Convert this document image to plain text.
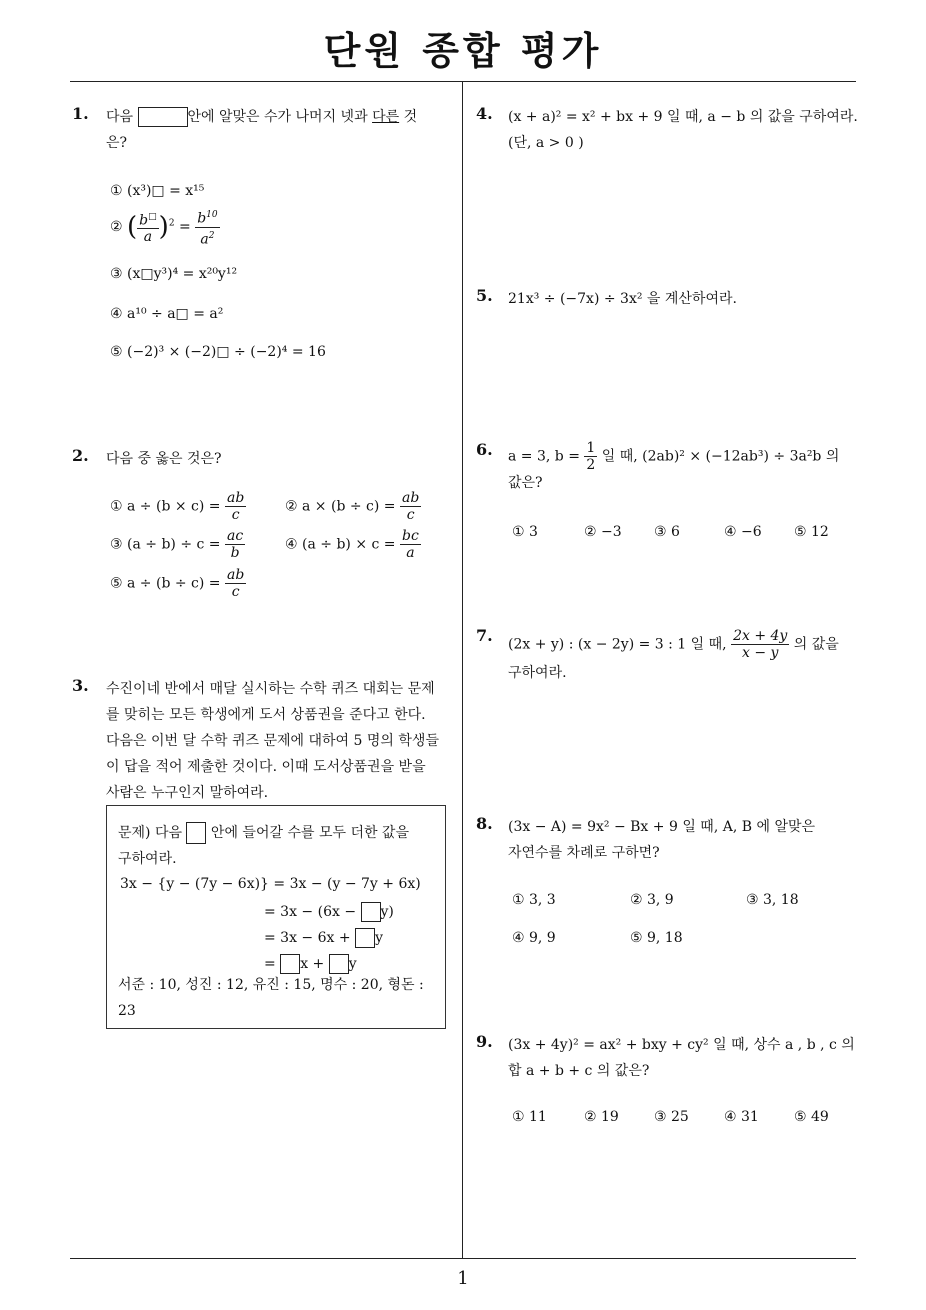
단원 종합 평가
1
1. 다음	안에 알맞은 수가 나머지 넷과 다른 것
은?
① (x³)□ = x¹⁵
② ( $\frac{b^□}{a} )^2 = \frac{b^{10}}{a^2}$
③ (x□y³)⁴ = x²⁰y¹²
④ a¹⁰ ÷ a□ = a²
⑤ (−2)³ × (−2)□ ÷ (−2)⁴ = 16
2. 다음 중 옳은 것은?
① $a \div (b \times c) = \frac{ab}{c}$	② $a \times (b \div c) = \frac{ab}{c}$
③ $(a \div b) \div c = \frac{ac}{b}$	④ $(a \div b) \times c = \frac{bc}{a}$
⑤ $a \div (b \div c) = \frac{ab}{c}$
3. 수진이네 반에서 매달 실시하는 수학 퀴즈 대회는 문제
를 맞히는 모든 학생에게 도서 상품권을 준다고 한다.
다음은 이번 달 수학 퀴즈 문제에 대하여 5 명의 학생들
이 답을 적어 제출한 것이다. 이때 도서상품권을 받을
사람은 누구인지 말하여라.
문제) 다음 안에 들어갈 수를 모두 더한 값을
구하여라.
3x − {y − (7y − 6x)} = 3x − (y − 7y + 6x)
= 3x − (6x − y)
= 3x − 6x + y
= x + y
서준 : 10, 성진 : 12, 유진 : 15, 명수 : 20, 형돈 :
23
4. (x + a)² = x² + bx + 9 일 때, a − b 의 값을 구하여라.
(단, a > 0 )
5. 21x³ ÷ (−7x) ÷ 3x² 을 계산하여라.
6. a = 3, $b = \frac{1}{2}$ 일 때, (2ab)² × (−12ab³) ÷ 3a²b 의
값은?
① 3	② −3 ③ 6	④ −6 ⑤ 12
7. (2x + y) : (x − 2y) = 3 : 1 일 때, $\frac{2x + 4y}{x - y}$ 의 값을
구하여라.
8. (3x − A) = 9x² − Bx + 9 일 때, A, B 에 알맞은
자연수를 차례로 구하면?
① 3, 3	② 3, 9	③ 3, 18
④ 9, 9	⑤ 9, 18
9. (3x + 4y)² = ax² + bxy + cy² 일 때, 상수 a , b , c 의
합 a + b + c 의 값은?
① 11	② 19	③ 25	④ 31	⑤ 49
